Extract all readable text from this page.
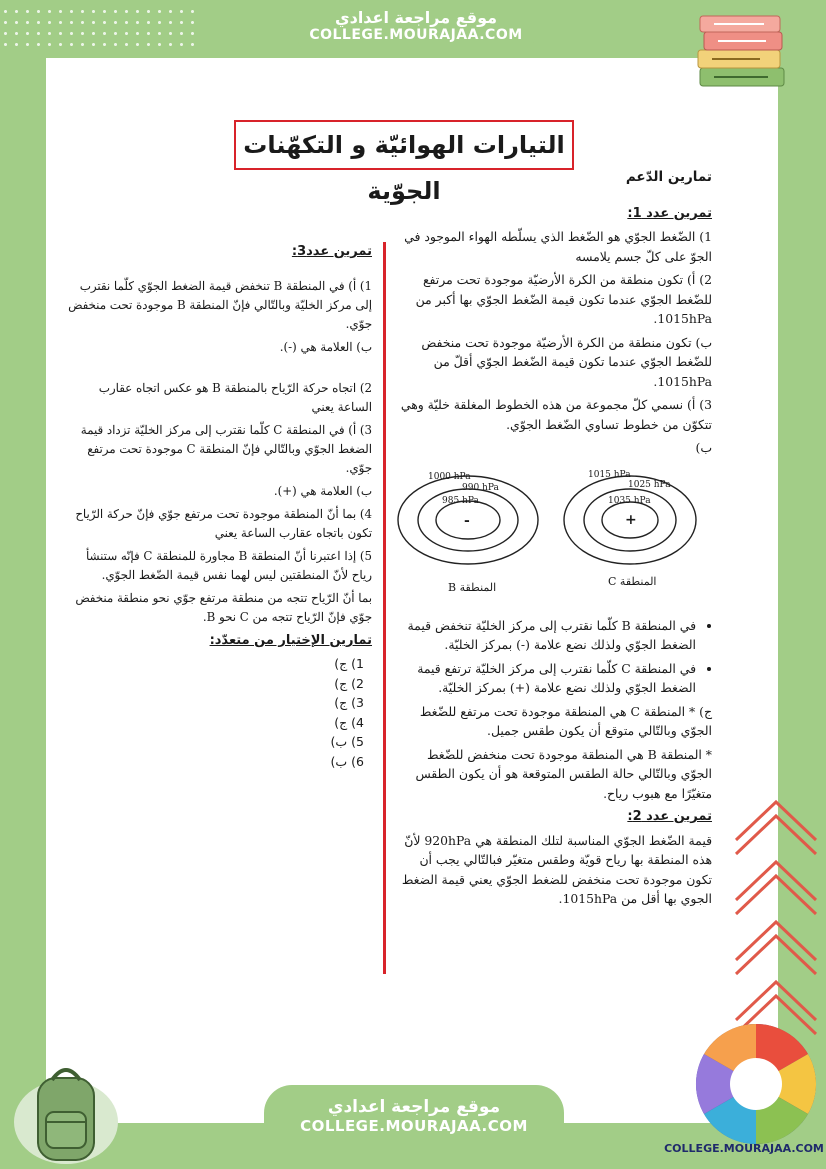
موقع مراجعة اعدادي
COLLEGE.MOURAJAA.COM
التيارات الهوائيّة و التكهّنات الجوّية	تمارين الدّعم

تمرين عدد 1:

1) الضّغط الجوّي هو الضّغط الذي يسلّطه الهواء الموجود في الجوّ على كلّ جسم يلامسه

2) أ) تكون منطقة من الكرة الأرضيّة موجودة تحت مرتفع للضّغط الجوّي عندما تكون قيمة الضّغط الجوّي بها أكبر من 1015hPa.

ب) تكون منطقة من الكرة الأرضيّة موجودة تحت منخفض للضّغط الجوّي عندما تكون قيمة الضّغط الجوّي أقلّ من 1015hPa.

3) أ) نسمي كلّ مجموعة من هذه الخطوط المغلقة خليّة وهي تتكوّن من خطوط تساوي الضّغط الجوّي.

ب)

1000 hPa
990 hPa
985 hPa
-
1015 hPa
1025 hPa
1035 hPa
+
المنطقة B	المنطقة C
• في المنطقة B كلّما نقترب إلى مركز الخليّة تنخفض قيمة الضغط الجوّي ولذلك نضع علامة (-) بمركز الخليّة.
• في المنطقة C كلّما نقترب إلى مركز الخليّة ترتفع قيمة الضغط الجوّي ولذلك نضع علامة (+) بمركز الخليّة.

ج) * المنطقة C هي المنطقة موجودة تحت مرتفع للضّغط الجوّي وبالتّالي متوقع أن يكون طقس جميل.

* المنطقة B هي المنطقة موجودة تحت منخفض للضّغط الجوّي وبالتّالي حالة الطقس المتوقعة هو أن يكون الطقس متغيّرًا مع هبوب رياح.

تمرين عدد 2:

قيمة الضّغط الجوّي المناسبة لتلك المنطقة هي 920hPa لأنّ هذه المنطقة بها رياح قويّة وطقس متغيّر فبالتّالي يجب أن تكون موجودة تحت منخفض للضغط الجوّي يعني قيمة الضغط الجوي بها أقل من 1015hPa.

تمرين عدد3:

1) أ) في المنطقة B تنخفض قيمة الضغط الجوّي كلّما نقترب إلى مركز الخليّة وبالتّالي فإنّ المنطقة B موجودة تحت منخفض جوّي.

ب) العلامة هي (-).

2) اتجاه حركة الرّياح بالمنطقة B هو عكس اتجاه عقارب الساعة يعني

3) أ) في المنطقة C كلّما نقترب إلى مركز الخليّة تزداد قيمة الضغط الجوّي وبالتّالي فإنّ المنطقة C موجودة تحت مرتفع جوّي.

ب) العلامة هي (+).

4) بما أنّ المنطقة موجودة تحت مرتفع جوّي فإنّ حركة الرّياح تكون باتجاه عقارب الساعة يعني

5) إذا اعتبرنا أنّ المنطقة B مجاورة للمنطقة C فإنّه ستنشأ رياح لأنّ المنطقتين ليس لهما نفس قيمة الضّغط الجوّي.

بما أنّ الرّياح تتجه من منطقة مرتفع جوّي نحو منطقة منخفض جوّي فإنّ الرّياح تتجه من C نحو B.

تمارين الإختيار من متعدّد:

1) ج)
2) ج)
3) ج)
4) ج)
5) ب)
6) ب)
موقع مراجعة اعدادي
COLLEGE.MOURAJAA.COM
COLLEGE.MOURAJAA.COM
